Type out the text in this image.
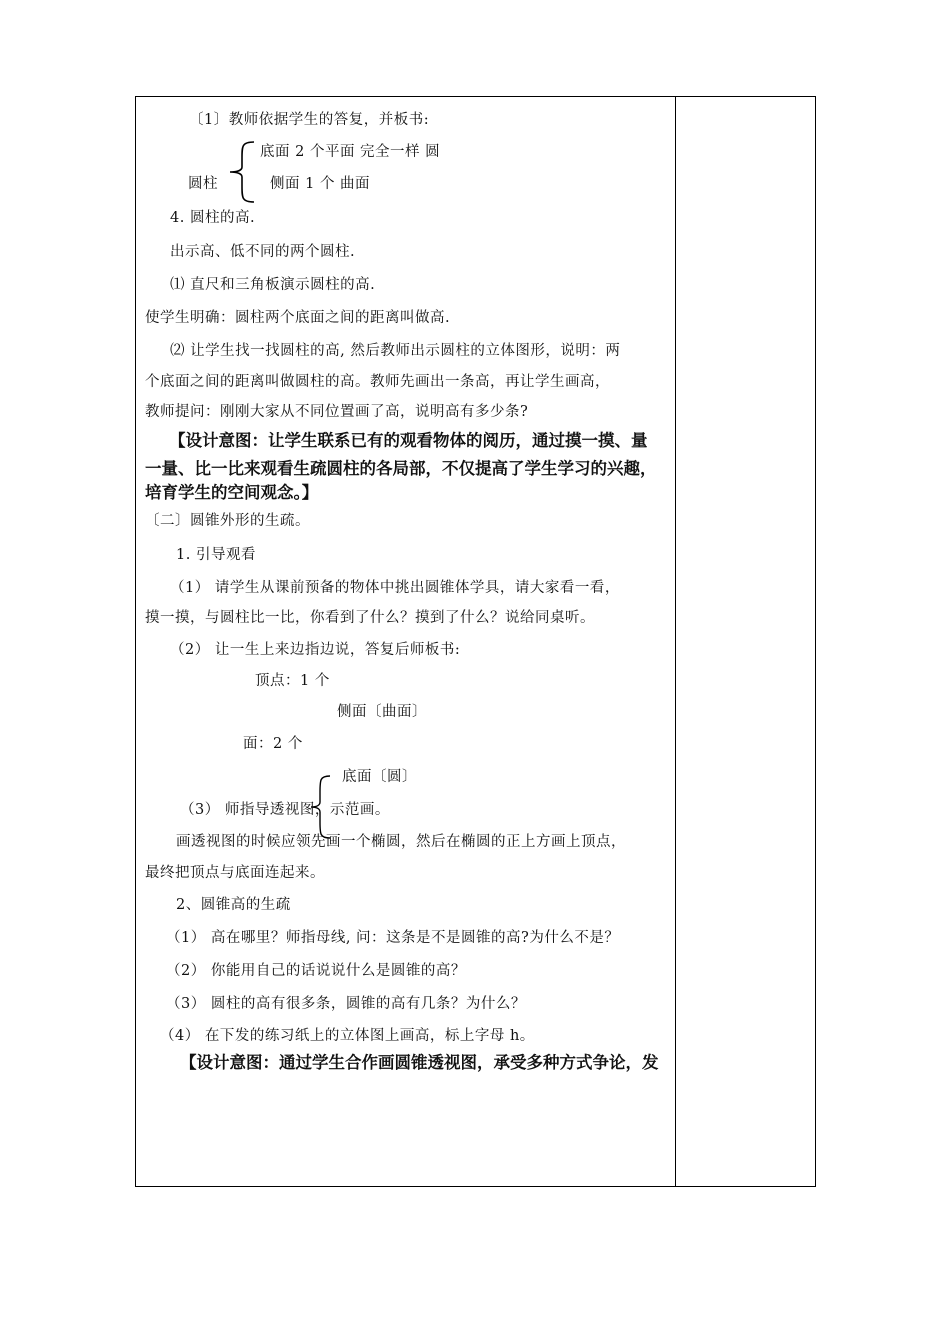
〔1〕教师依据学生的答复，并板书:
底面 2 个平面 完全一样 圆
圆柱	侧面 1 个 曲面
4. 圆柱的高.
出示高、低不同的两个圆柱.
⑴ 直尺和三角板演示圆柱的高.
使学生明确：圆柱两个底面之间的距离叫做高.
⑵ 让学生找一找圆柱的高, 然后教师出示圆柱的立体图形，说明：两
个底面之间的距离叫做圆柱的高。教师先画出一条高，再让学生画高，
教师提问：刚刚大家从不同位置画了高，说明高有多少条?
【设计意图：让学生联系已有的观看物体的阅历，通过摸一摸、量
一量、比一比来观看生疏圆柱的各局部，不仅提高了学生学习的兴趣，
培育学生的空间观念。】
〔二〕圆锥外形的生疏。
1. 引导观看
（1） 请学生从课前预备的物体中挑出圆锥体学具，请大家看一看，
摸一摸，与圆柱比一比，你看到了什么？摸到了什么？说给同桌听。
（2） 让一生上来边指边说，答复后师板书:
顶点：1 个
侧面〔曲面〕
面：2 个
底面〔圆〕
（3） 师指导透视图，示范画。
画透视图的时候应领先画一个椭圆，然后在椭圆的正上方画上顶点，
最终把顶点与底面连起来。
2、圆锥高的生疏
（1） 高在哪里？师指母线, 问：这条是不是圆锥的高?为什么不是？
（2） 你能用自己的话说说什么是圆锥的高？
（3） 圆柱的高有很多条，圆锥的高有几条？为什么？
（4） 在下发的练习纸上的立体图上画高，标上字母 h。
【设计意图：通过学生合作画圆锥透视图，承受多种方式争论，发
